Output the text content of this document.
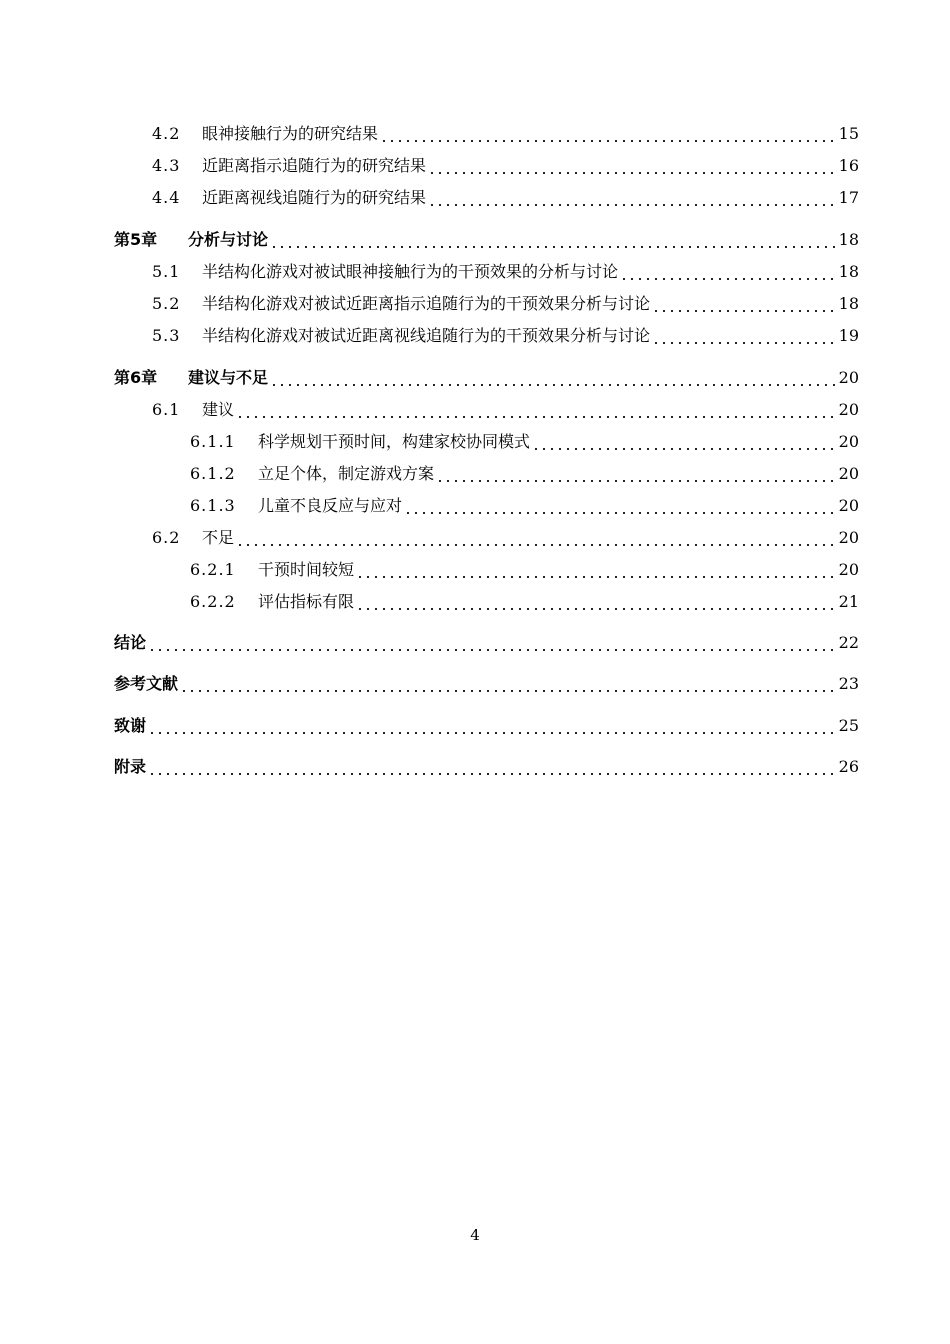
4.2	眼神接触行为的研究结果	15
4.3	近距离指示追随行为的研究结果	16
4.4	近距离视线追随行为的研究结果	17
第5章	分析与讨论	18
5.1	半结构化游戏对被试眼神接触行为的干预效果的分析与讨论	18
5.2	半结构化游戏对被试近距离指示追随行为的干预效果分析与讨论	18
5.3	半结构化游戏对被试近距离视线追随行为的干预效果分析与讨论	19
第6章	建议与不足	20
6.1	建议	20
6.1.1	科学规划干预时间，构建家校协同模式	20
6.1.2	立足个体，制定游戏方案	20
6.1.3	儿童不良反应与应对	20
6.2	不足	20
6.2.1	干预时间较短	20
6.2.2	评估指标有限	21
结论	22
参考文献	23
致谢	25
附录	26
4
